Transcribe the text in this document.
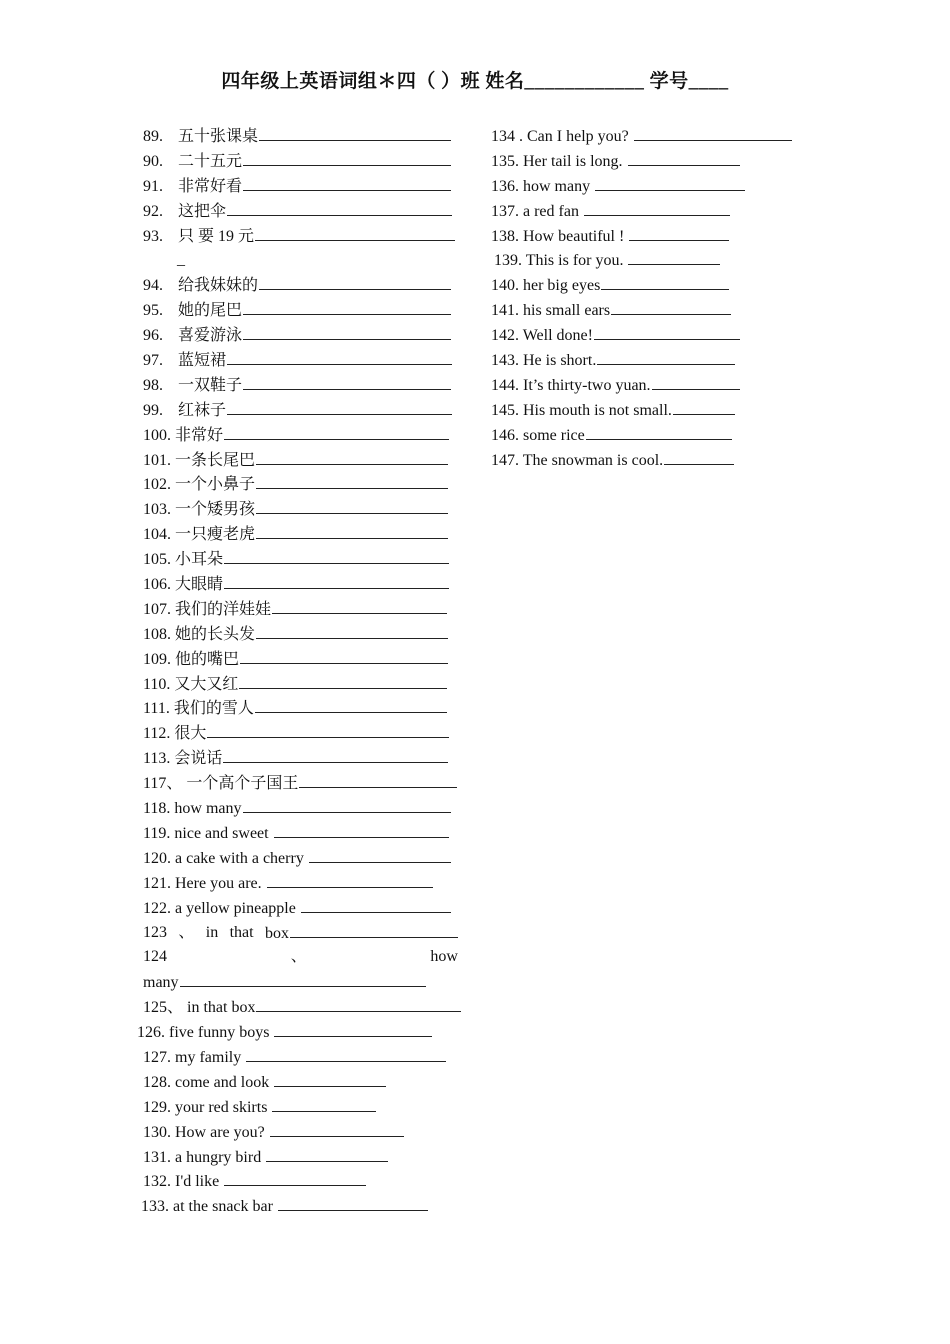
四年级上英语词组＊四（ ）班 姓名____________ 学号____
89. 五十张课桌
90. 二十五元
91. 非常好看
92. 这把伞
93. 只 要 19 元
_
94. 给我妹妹的
95. 她的尾巴
96. 喜爱游泳
97. 蓝短裙
98. 一双鞋子
99. 红袜子
100. 非常好
101. 一条长尾巴
102. 一个小鼻子
103. 一个矮男孩
104. 一只瘦老虎
105. 小耳朵
106. 大眼睛
107. 我们的洋娃娃
108. 她的长头发
109. 他的嘴巴
110. 又大又红
111. 我们的雪人
112. 很大
113. 会说话
117、 一个高个子国王
118. how many
119. nice and sweet
120. a cake with a cherry
121. Here you are.
122. a yellow pineapple
123 、 in that box
124	、	how
many
125、 in that box
126. five funny boys
127. my family
128. come and look
129. your red skirts
130. How are you?
131. a hungry bird
132. I'd like
133. at the snack bar
134 . Can I help you?
135. Her tail is long.
136. how many
137. a red fan
138. How beautiful !
139. This is for you.
140. her big eyes
141. his small ears
142. Well done!
143. He is short.
144. It’s thirty-two yuan.
145. His mouth is not small.
146. some rice
147. The snowman is cool.
